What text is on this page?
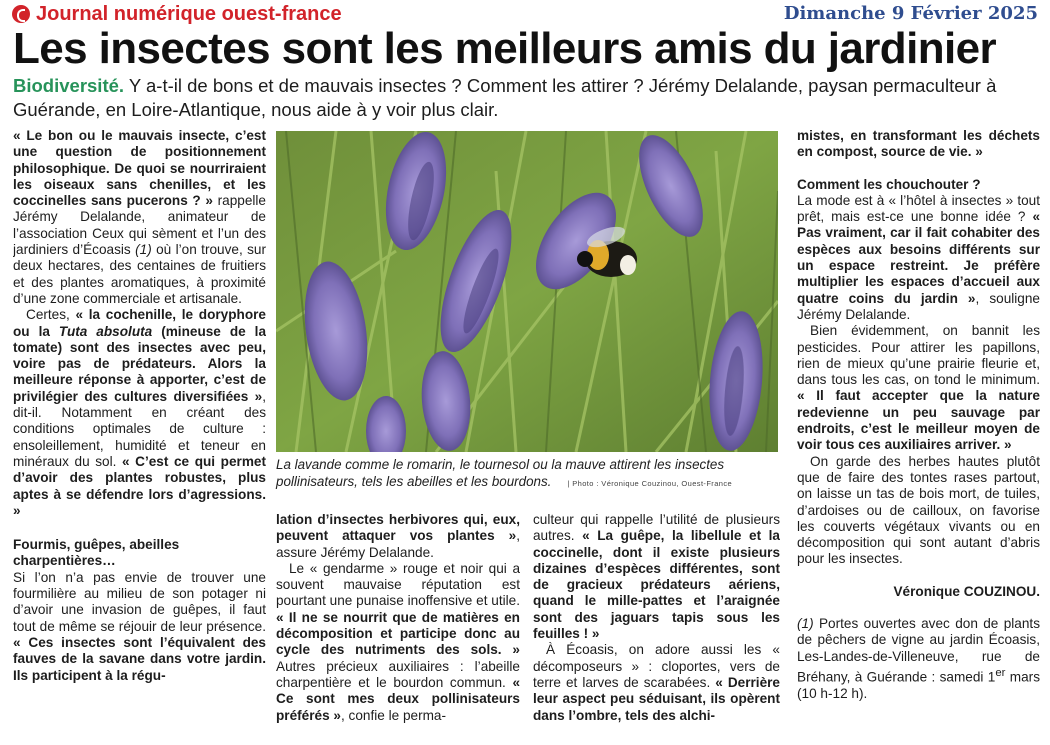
Journal numérique ouest-france	Dimanche 9 Février 2025
Les insectes sont les meilleurs amis du jardinier
Biodiversité. Y a-t-il de bons et de mauvais insectes ? Comment les attirer ? Jérémy Delalande, paysan permaculteur à Guérande, en Loire-Atlantique, nous aide à y voir plus clair.

« Le bon ou le mauvais insecte, c’est une question de positionnement philosophique. De quoi se nourriraient les oiseaux sans chenilles, et les coccinelles sans pucerons ? » rappelle Jérémy Delalande, animateur de l’association Ceux qui sèment et l’un des jardiniers d’Écoasis (1) où l’on trouve, sur deux hectares, des centaines de fruitiers et des plantes aromatiques, à proximité d’une zone commerciale et artisanale.

Certes, « la cochenille, le doryphore ou la Tuta absoluta (mineuse de la tomate) sont des insectes avec peu, voire pas de prédateurs. Alors la meilleure réponse à apporter, c’est de privilégier des cultures diversifiées », dit-il. Notamment en créant des conditions optimales de culture : ensoleillement, humidité et teneur en minéraux du sol. « C’est ce qui permet d’avoir des plantes robustes, plus aptes à se défendre lors d’agressions. »

Fourmis, guêpes, abeilles charpentières…

Si l’on n’a pas envie de trouver une fourmilière au milieu de son potager ni d’avoir une invasion de guêpes, il faut tout de même se réjouir de leur présence. « Ces insectes sont l’équivalent des fauves de la savane dans votre jardin. Ils participent à la régu-

La lavande comme le romarin, le tournesol ou la mauve attirent les insectes pollinisateurs, tels les abeilles et les bourdons. | Photo : Véronique Couzinou, Ouest-France

lation d’insectes herbivores qui, eux, peuvent attaquer vos plantes », assure Jérémy Delalande.

Le « gendarme » rouge et noir qui a souvent mauvaise réputation est pourtant une punaise inoffensive et utile. « Il ne se nourrit que de matières en décomposition et participe donc au cycle des nutriments des sols. » Autres précieux auxiliaires : l’abeille charpentière et le bourdon commun. « Ce sont mes deux pollinisateurs préférés », confie le perma-

culteur qui rappelle l’utilité de plusieurs autres. « La guêpe, la libellule et la coccinelle, dont il existe plusieurs dizaines d’espèces différentes, sont de gracieux prédateurs aériens, quand le mille-pattes et l’araignée sont des jaguars tapis sous les feuilles ! »

À Écoasis, on adore aussi les « décomposeurs » : cloportes, vers de terre et larves de scarabées. « Derrière leur aspect peu séduisant, ils opèrent dans l’ombre, tels des alchi-

mistes, en transformant les déchets en compost, source de vie. »

Comment les chouchouter ?

La mode est à « l’hôtel à insectes » tout prêt, mais est-ce une bonne idée ? « Pas vraiment, car il fait cohabiter des espèces aux besoins différents sur un espace restreint. Je préfère multiplier les espaces d’accueil aux quatre coins du jardin », souligne Jérémy Delalande.

Bien évidemment, on bannit les pesticides. Pour attirer les papillons, rien de mieux qu’une prairie fleurie et, dans tous les cas, on tond le minimum. « Il faut accepter que la nature redevienne un peu sauvage par endroits, c’est le meilleur moyen de voir tous ces auxiliaires arriver. »

On garde des herbes hautes plutôt que de faire des tontes rases partout, on laisse un tas de bois mort, de tuiles, d’ardoises ou de cailloux, on favorise les couverts végétaux vivants ou en décomposition qui sont autant d’abris pour les insectes.

Véronique COUZINOU.

(1) Portes ouvertes avec don de plants de pêchers de vigne au jardin Écoasis, Les-Landes-de-Villeneuve, rue de Bréhany, à Guérande : samedi 1er mars (10 h-12 h).
